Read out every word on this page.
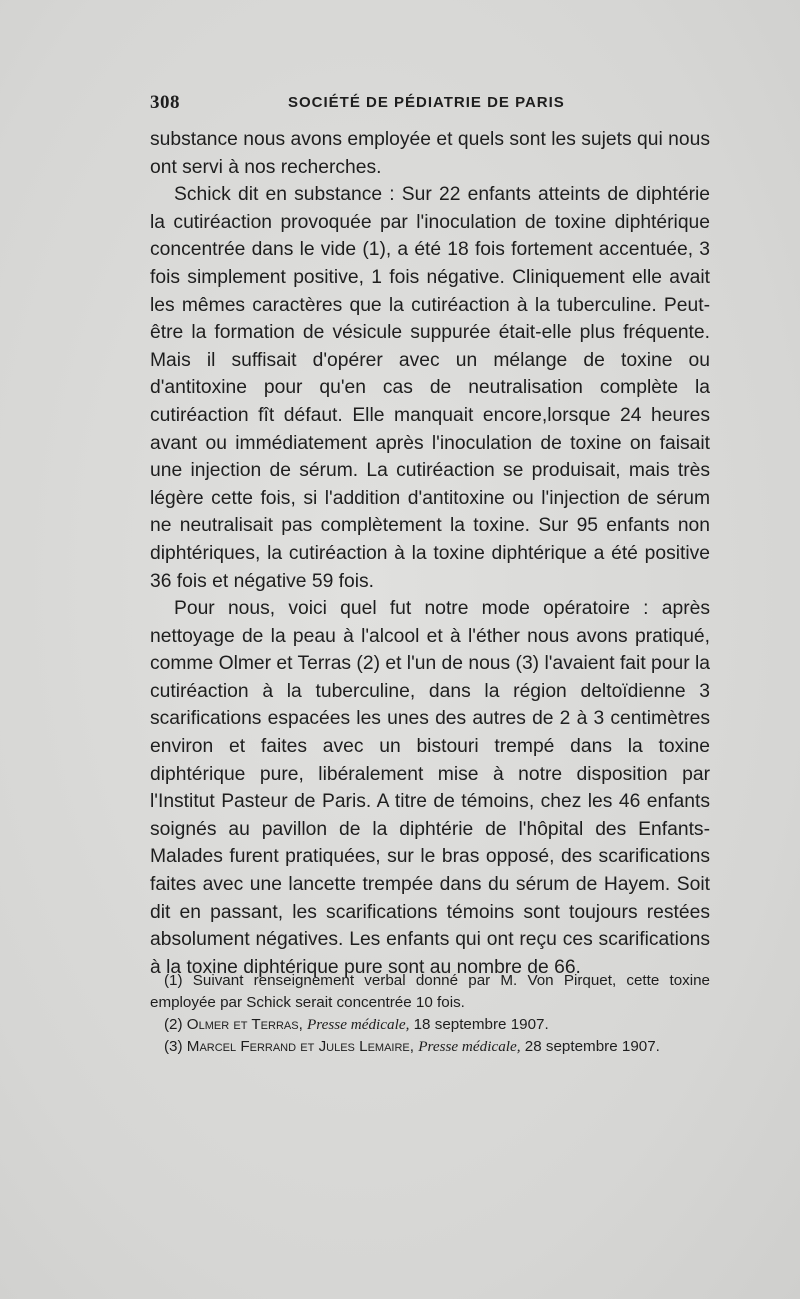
308	SOCIÉTÉ DE PÉDIATRIE DE PARIS

substance nous avons employée et quels sont les sujets qui nous ont servi à nos recherches.

Schick dit en substance : Sur 22 enfants atteints de diphtérie la cutiréaction provoquée par l'inoculation de toxine diphtérique concentrée dans le vide (1), a été 18 fois fortement accentuée, 3 fois simplement positive, 1 fois négative. Cliniquement elle avait les mêmes caractères que la cutiréaction à la tuberculine. Peut-être la formation de vésicule suppurée était-elle plus fréquente. Mais il suffisait d'opérer avec un mélange de toxine ou d'antitoxine pour qu'en cas de neutralisation complète la cutiréaction fît défaut. Elle manquait encore,lorsque 24 heures avant ou immédiatement après l'inoculation de toxine on faisait une injection de sérum. La cutiréaction se produisait, mais très légère cette fois, si l'addition d'antitoxine ou l'injection de sérum ne neutralisait pas complètement la toxine. Sur 95 enfants non diphtériques, la cutiréaction à la toxine diphtérique a été positive 36 fois et négative 59 fois.

Pour nous, voici quel fut notre mode opératoire : après nettoyage de la peau à l'alcool et à l'éther nous avons pratiqué, comme Olmer et Terras (2) et l'un de nous (3) l'avaient fait pour la cutiréaction à la tuberculine, dans la région deltoïdienne 3 scarifications espacées les unes des autres de 2 à 3 centimètres environ et faites avec un bistouri trempé dans la toxine diphtérique pure, libéralement mise à notre disposition par l'Institut Pasteur de Paris. A titre de témoins, chez les 46 enfants soignés au pavillon de la diphtérie de l'hôpital des Enfants-Malades furent pratiquées, sur le bras opposé, des scarifications faites avec une lancette trempée dans du sérum de Hayem. Soit dit en passant, les scarifications témoins sont toujours restées absolument négatives. Les enfants qui ont reçu ces scarifications à la toxine diphtérique pure sont au nombre de 66.

(1) Suivant renseignement verbal donné par M. Von Pirquet, cette toxine employée par Schick serait concentrée 10 fois.

(2) Olmer et Terras, Presse médicale, 18 septembre 1907.

(3) Marcel Ferrand et Jules Lemaire, Presse médicale, 28 septembre 1907.
